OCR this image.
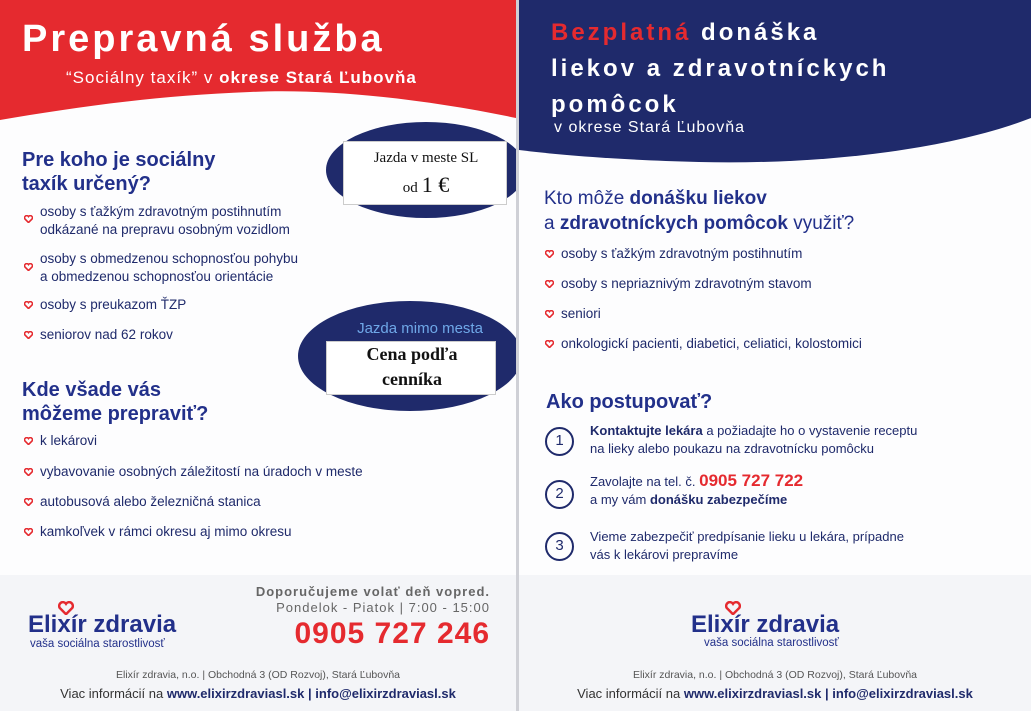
Prepravná služba
“Sociálny taxík” v okrese Stará Ľubovňa
Jazda v meste SL
od 1 €
Jazda mimo mesta
Cena podľa
cenníka
Pre koho je sociálny
taxík určený?
osoby s ťažkým zdravotným postihnutím
odkázané na prepravu osobným vozidlom
osoby s obmedzenou schopnosťou pohybu
a obmedzenou schopnosťou orientácie
osoby s preukazom ŤZP
seniorov nad 62 rokov
Kde všade vás
môžeme prepraviť?
k lekárovi
vybavovanie osobných záležitostí na úradoch v meste
autobusová alebo železničná stanica
kamkoľvek v rámci okresu aj mimo okresu
Doporučujeme volať deň vopred.
Pondelok - Piatok | 7:00 - 15:00
0905 727 246
Elixír zdravia
vaša sociálna starostlivosť
Elixír zdravia, n.o. | Obchodná 3 (OD Rozvoj), Stará Ľubovňa
Viac informácií na www.elixirzdraviasl.sk | info@elixirzdraviasl.sk
Bezplatná donáška
liekov a zdravotníckych
pomôcok
v okrese Stará Ľubovňa
Kto môže donášku liekov
a zdravotníckych pomôcok využiť?
osoby s ťažkým zdravotným postihnutím
osoby s nepriaznivým zdravotným stavom
seniori
onkologickí pacienti, diabetici, celiatici, kolostomici
Ako postupovať?
1
Kontaktujte lekára a požiadajte ho o vystavenie receptu
na lieky alebo poukazu na zdravotnícku pomôcku
2
Zavolajte na tel. č. 0905 727 722
a my vám donášku zabezpečíme
3
Vieme zabezpečiť predpísanie lieku u lekára, prípadne
vás k lekárovi prepravíme
Elixír zdravia
vaša sociálna starostlivosť
Elixír zdravia, n.o. | Obchodná 3 (OD Rozvoj), Stará Ľubovňa
Viac informácií na www.elixirzdraviasl.sk | info@elixirzdraviasl.sk
